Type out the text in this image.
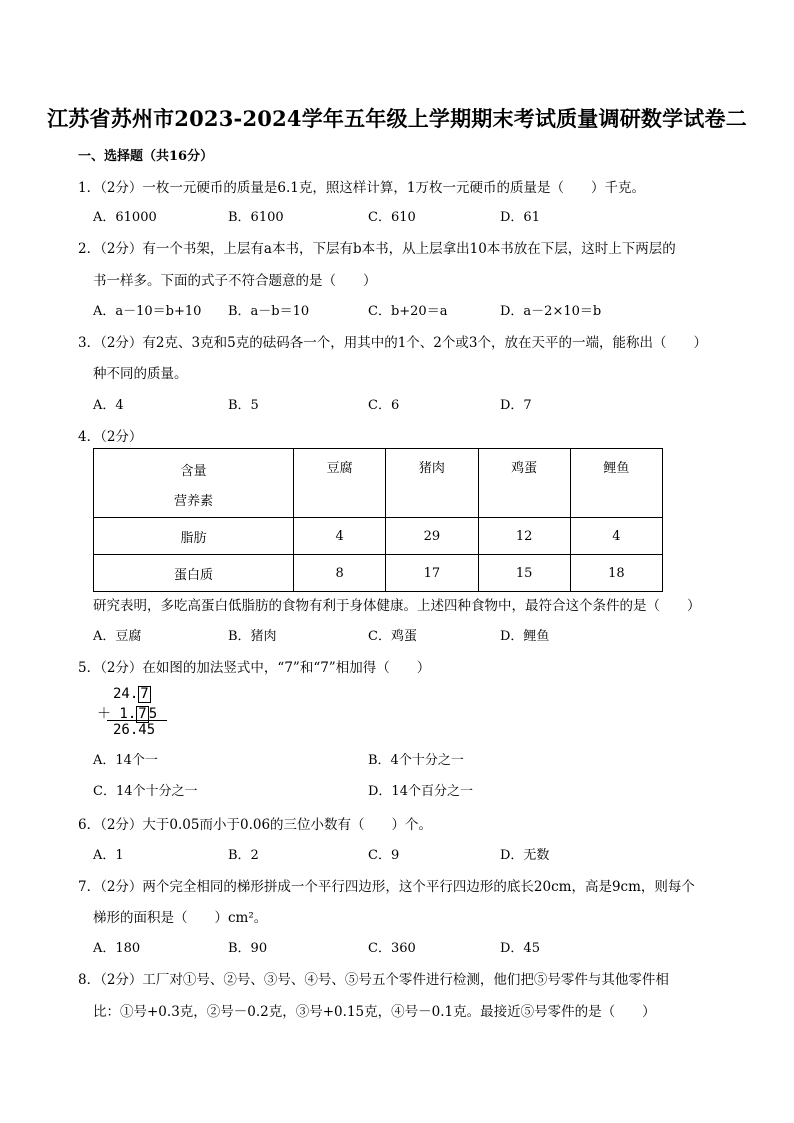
江苏省苏州市2023-2024学年五年级上学期期末考试质量调研数学试卷二
一、选择题（共16分）
1．（2分）一枚一元硬币的质量是6.1克，照这样计算，1万枚一元硬币的质量是（　　）千克。
A．61000	B．6100	C．610	D．61
2．（2分）有一个书架，上层有a本书，下层有b本书，从上层拿出10本书放在下层，这时上下两层的
书一样多。下面的式子不符合题意的是（　　）
A．a－10＝b+10 B．a－b＝10	C．b+20＝a	D．a－2×10＝b
3．（2分）有2克、3克和5克的砝码各一个，用其中的1个、2个或3个，放在天平的一端，能称出（　　）
种不同的质量。
A．4	B．5	C．6	D．7
4．（2分）
含量
营养素	豆腐	猪肉	鸡蛋	鲤鱼
脂肪	4	29	12	4
蛋白质	8	17	15	18
研究表明，多吃高蛋白低脂肪的食物有利于身体健康。上述四种食物中，最符合这个条件的是（　　）
A．豆腐	B．猪肉	C．鸡蛋	D．鲤鱼
5．（2分）在如图的加法竖式中，“7”和“7”相加得（　　）
24. 7
＋ 1. 7 5
26.45
A．14个一	B．4个十分之一
C．14个十分之一	D．14个百分之一
6．（2分）大于0.05而小于0.06的三位小数有（　　）个。
A．1	B．2	C．9	D．无数
7．（2分）两个完全相同的梯形拼成一个平行四边形，这个平行四边形的底长20cm，高是9cm，则每个
梯形的面积是（　　）cm²。
A．180	B．90	C．360	D．45
8．（2分）工厂对①号、②号、③号、④号、⑤号五个零件进行检测，他们把⑤号零件与其他零件相
比：①号+0.3克，②号－0.2克，③号+0.15克，④号－0.1克。最接近⑤号零件的是（　　）
